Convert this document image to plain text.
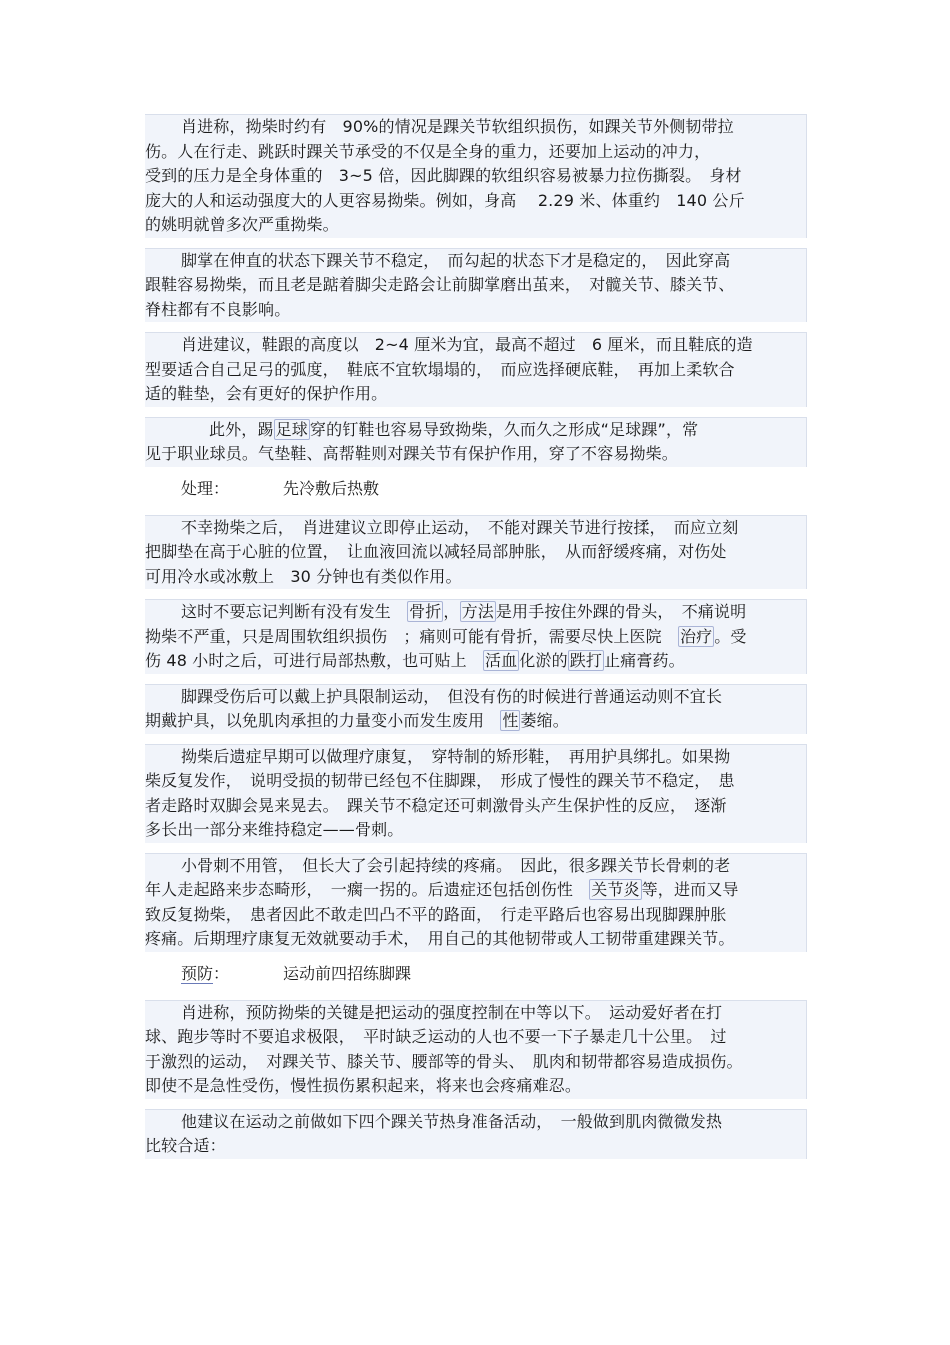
肖进称，拗柴时约有　90%的情况是踝关节软组织损伤，如踝关节外侧韧带拉
伤。人在行走、跳跃时踝关节承受的不仅是全身的重力，还要加上运动的冲力，
受到的压力是全身体重的　3~5 倍，因此脚踝的软组织容易被暴力拉伤撕裂。　身材
庞大的人和运动强度大的人更容易拗柴。例如，身高　 2.29 米、体重约　140 公斤
的姚明就曾多次严重拗柴。
脚掌在伸直的状态下踝关节不稳定，　而勾起的状态下才是稳定的，　因此穿高
跟鞋容易拗柴，而且老是踮着脚尖走路会让前脚掌磨出茧来，　对髋关节、膝关节、
脊柱都有不良影响。
肖进建议，鞋跟的高度以　2~4 厘米为宜，最高不超过　6 厘米，而且鞋底的造
型要适合自己足弓的弧度，　鞋底不宜软塌塌的，　而应选择硬底鞋，　再加上柔软合
适的鞋垫，会有更好的保护作用。
此外，踢 足球 穿的钉鞋也容易导致拗柴，久而久之形成“足球踝”，常
见于职业球员。气垫鞋、高帮鞋则对踝关节有保护作用，穿了不容易拗柴。
处理：	先冷敷后热敷
不幸拗柴之后，　肖进建议立即停止运动，　不能对踝关节进行按揉，　而应立刻
把脚垫在高于心脏的位置，　让血液回流以减轻局部肿胀，　从而舒缓疼痛，对伤处
可用冷水或冰敷上　30 分钟也有类似作用。
这时不要忘记判断有没有发生　骨折 ， 方法 是用手按住外踝的骨头，　不痛说明
拗柴不严重，只是周围软组织损伤　；痛则可能有骨折，需要尽快上医院　治疗 。受
伤 48 小时之后，可进行局部热敷，也可贴上　活血 化淤的 跌打 止痛膏药。
脚踝受伤后可以戴上护具限制运动，　但没有伤的时候进行普通运动则不宜长
期戴护具，以免肌肉承担的力量变小而发生废用　性 萎缩。
拗柴后遗症早期可以做理疗康复，　穿特制的矫形鞋，　再用护具绑扎。如果拗
柴反复发作，　说明受损的韧带已经包不住脚踝，　形成了慢性的踝关节不稳定，　患
者走路时双脚会晃来晃去。　踝关节不稳定还可刺激骨头产生保护性的反应，　逐渐
多长出一部分来维持稳定——骨刺。
小骨刺不用管，　但长大了会引起持续的疼痛。　因此，很多踝关节长骨刺的老
年人走起路来步态畸形，　一瘸一拐的。后遗症还包括创伤性　关节炎 等，进而又导
致反复拗柴，　患者因此不敢走凹凸不平的路面，　行走平路后也容易出现脚踝肿胀
疼痛。后期理疗康复无效就要动手术，　用自己的其他韧带或人工韧带重建踝关节。
预防：	运动前四招练脚踝
肖进称，预防拗柴的关键是把运动的强度控制在中等以下。　运动爱好者在打
球、跑步等时不要追求极限，　平时缺乏运动的人也不要一下子暴走几十公里。　过
于激烈的运动，　对踝关节、膝关节、腰部等的骨头、　肌肉和韧带都容易造成损伤。
即使不是急性受伤，慢性损伤累积起来，将来也会疼痛难忍。
他建议在运动之前做如下四个踝关节热身准备活动，　一般做到肌肉微微发热
比较合适：
